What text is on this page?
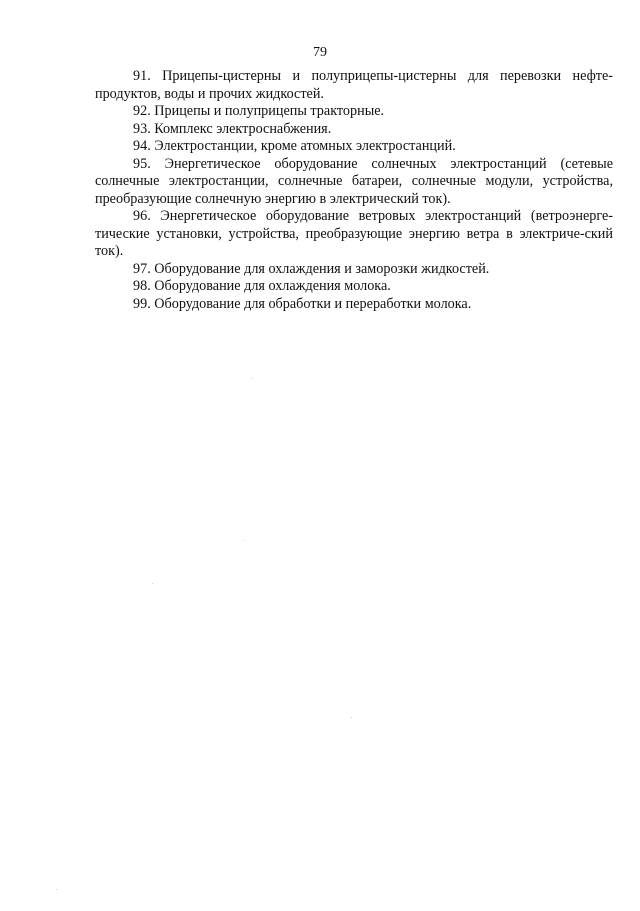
79

91. Прицепы-цистерны и полуприцепы-цистерны для перевозки нефте-продуктов, воды и прочих жидкостей.

92. Прицепы и полуприцепы тракторные.

93. Комплекс электроснабжения.

94. Электростанции, кроме атомных электростанций.

95. Энергетическое оборудование солнечных электростанций (сетевые солнечные электростанции, солнечные батареи, солнечные модули, устройства, преобразующие солнечную энергию в электрический ток).

96. Энергетическое оборудование ветровых электростанций (ветроэнерге-тические установки, устройства, преобразующие энергию ветра в электриче-ский ток).

97. Оборудование для охлаждения и заморозки жидкостей.

98. Оборудование для охлаждения молока.

99. Оборудование для обработки и переработки молока.
